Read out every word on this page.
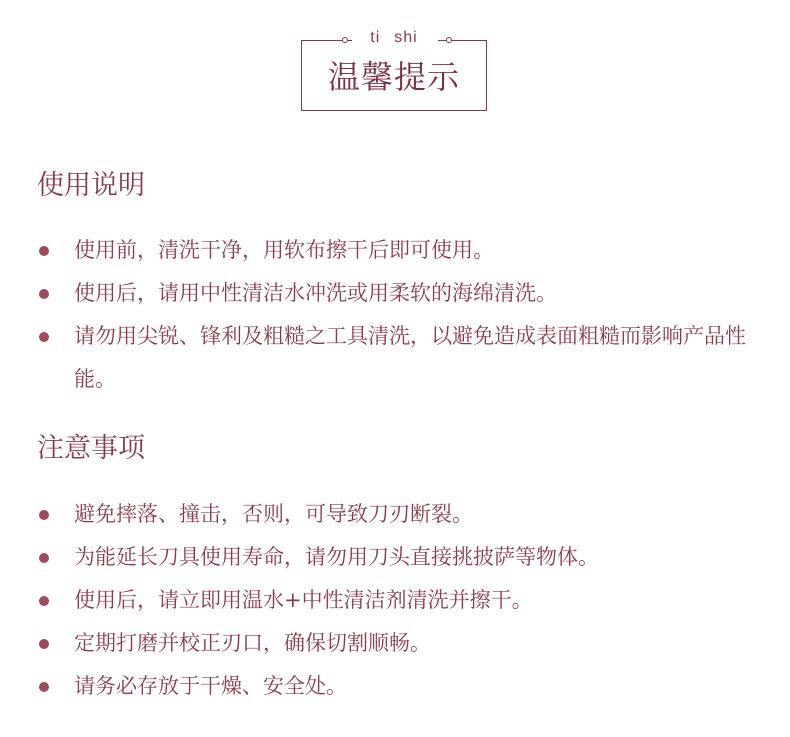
ti shi
温馨提示
使用说明
使用前，清洗干净，用软布擦干后即可使用。
使用后，请用中性清洁水冲洗或用柔软的海绵清洗。
请勿用尖锐、锋利及粗糙之工具清洗，以避免造成表面粗糙而影响产品性能。
注意事项
避免摔落、撞击，否则，可导致刀刃断裂。
为能延长刀具使用寿命，请勿用刀头直接挑披萨等物体。
使用后，请立即用温水+中性清洁剂清洗并擦干。
定期打磨并校正刃口，确保切割顺畅。
请务必存放于干燥、安全处。
